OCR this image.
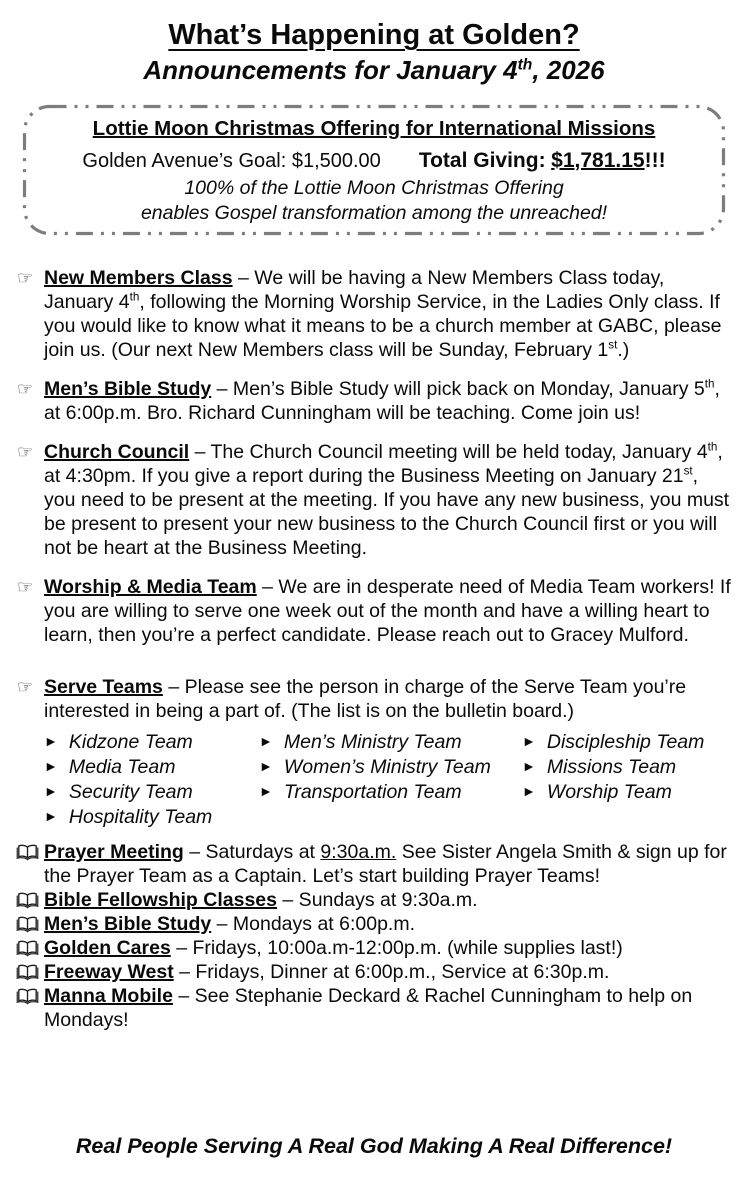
What’s Happening at Golden?
Announcements for January 4th, 2026
Lottie Moon Christmas Offering for International Missions
Golden Avenue’s Goal: $1,500.00 Total Giving: $1,781.15!!!
100% of the Lottie Moon Christmas Offering
enables Gospel transformation among the unreached!
☞ New Members Class – We will be having a New Members Class today, January 4th, following the Morning Worship Service, in the Ladies Only class. If you would like to know what it means to be a church member at GABC, please join us. (Our next New Members class will be Sunday, February 1st.)
☞ Men’s Bible Study – Men’s Bible Study will pick back on Monday, January 5th, at 6:00p.m. Bro. Richard Cunningham will be teaching. Come join us!
☞ Church Council – The Church Council meeting will be held today, January 4th, at 4:30pm. If you give a report during the Business Meeting on January 21st, you need to be present at the meeting. If you have any new business, you must be present to present your new business to the Church Council first or you will not be heart at the Business Meeting.
☞ Worship & Media Team – We are in desperate need of Media Team workers! If you are willing to serve one week out of the month and have a willing heart to learn, then you’re a perfect candidate. Please reach out to Gracey Mulford.
☞ Serve Teams – Please see the person in charge of the Serve Team you’re interested in being a part of. (The list is on the bulletin board.)
► Kidzone Team
► Media Team
► Security Team
► Hospitality Team
► Men’s Ministry Team
► Women’s Ministry Team
► Transportation Team
► Discipleship Team
► Missions Team
► Worship Team
Prayer Meeting – Saturdays at 9:30a.m. See Sister Angela Smith & sign up for the Prayer Team as a Captain. Let’s start building Prayer Teams!
Bible Fellowship Classes – Sundays at 9:30a.m.
Men’s Bible Study – Mondays at 6:00p.m.
Golden Cares – Fridays, 10:00a.m-12:00p.m. (while supplies last!)
Freeway West – Fridays, Dinner at 6:00p.m., Service at 6:30p.m.
Manna Mobile – See Stephanie Deckard & Rachel Cunningham to help on Mondays!
Real People Serving A Real God Making A Real Difference!
